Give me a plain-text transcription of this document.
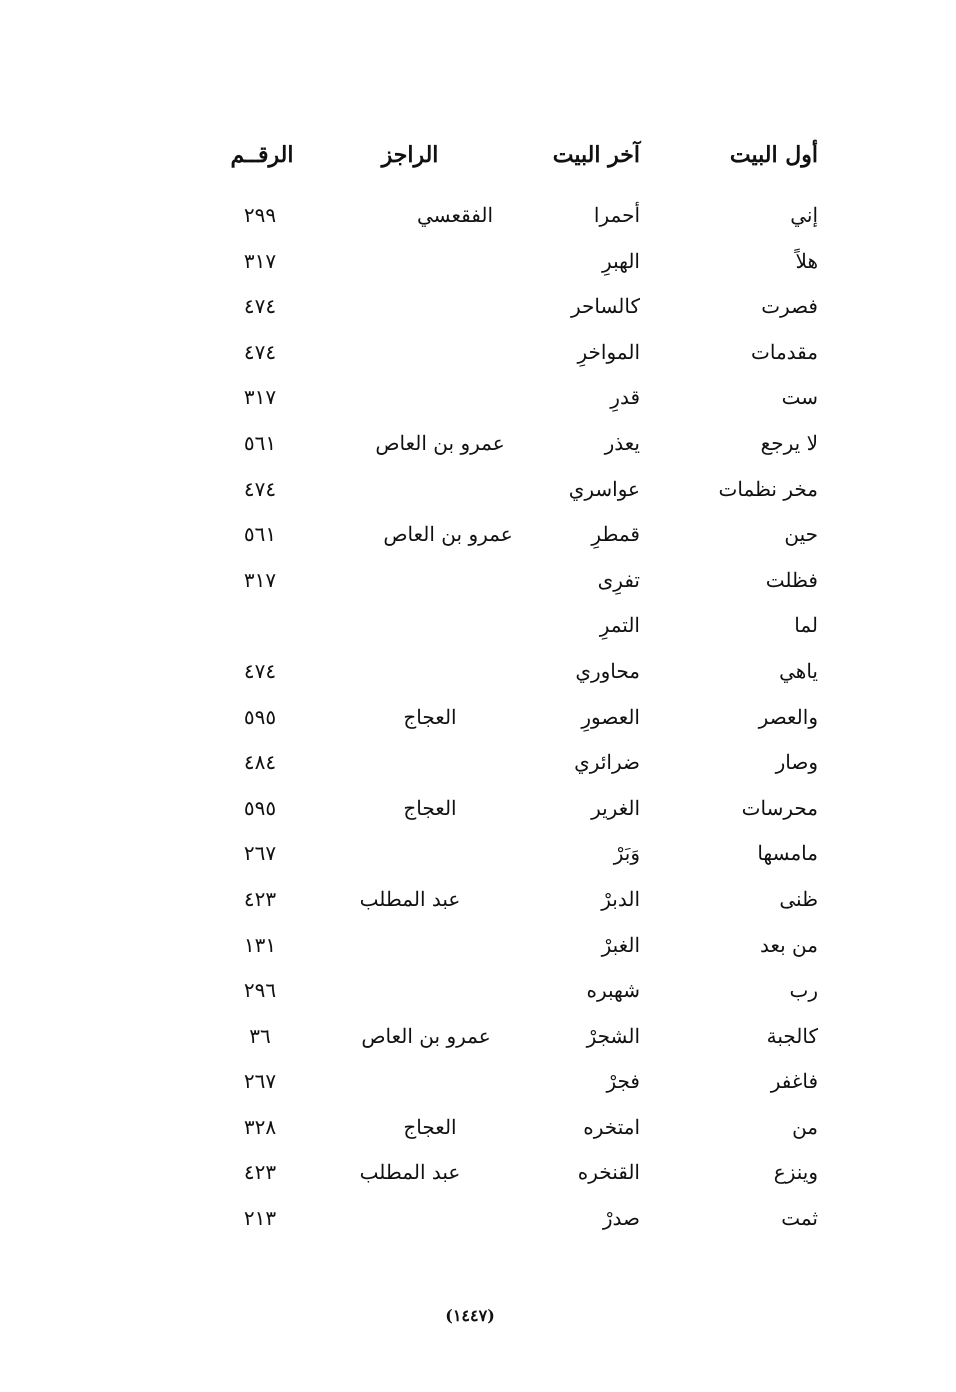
أول البيت
آخر البيت
الراجز
الرقــم
إني
أحمرا
الفقعسي
٢٩٩
هلاً
الهبرِ
٣١٧
فصرت
كالساحر
٤٧٤
مقدمات
المواخرِ
٤٧٤
ست
قدرِ
٣١٧
لا يرجع
يعذر
عمرو بن العاص
٥٦١
مخر نظمات
عواسري
٤٧٤
حين
قمطرِ
عمرو بن العاص
٥٦١
فظلت
تفرِى
٣١٧
لما
التمرِ
ياهي
محاوري
٤٧٤
والعصر
العصورِ
العجاج
٥٩٥
وصار
ضرائري
٤٨٤
محرسات
الغرير
العجاج
٥٩٥
مامسها
وَبَرْ
٢٦٧
ظنى
الدبرْ
عبد المطلب
٤٢٣
من بعد
الغبرْ
١٣١
رب
شهبره
٢٩٦
كالجبة
الشجرْ
عمرو بن العاص
٣٦
فاغفر
فجرْ
٢٦٧
من
امتخره
العجاج
٣٢٨
وينزع
القنخره
عبد المطلب
٤٢٣
ثمت
صدرْ
٢١٣
(١٤٤٧)
